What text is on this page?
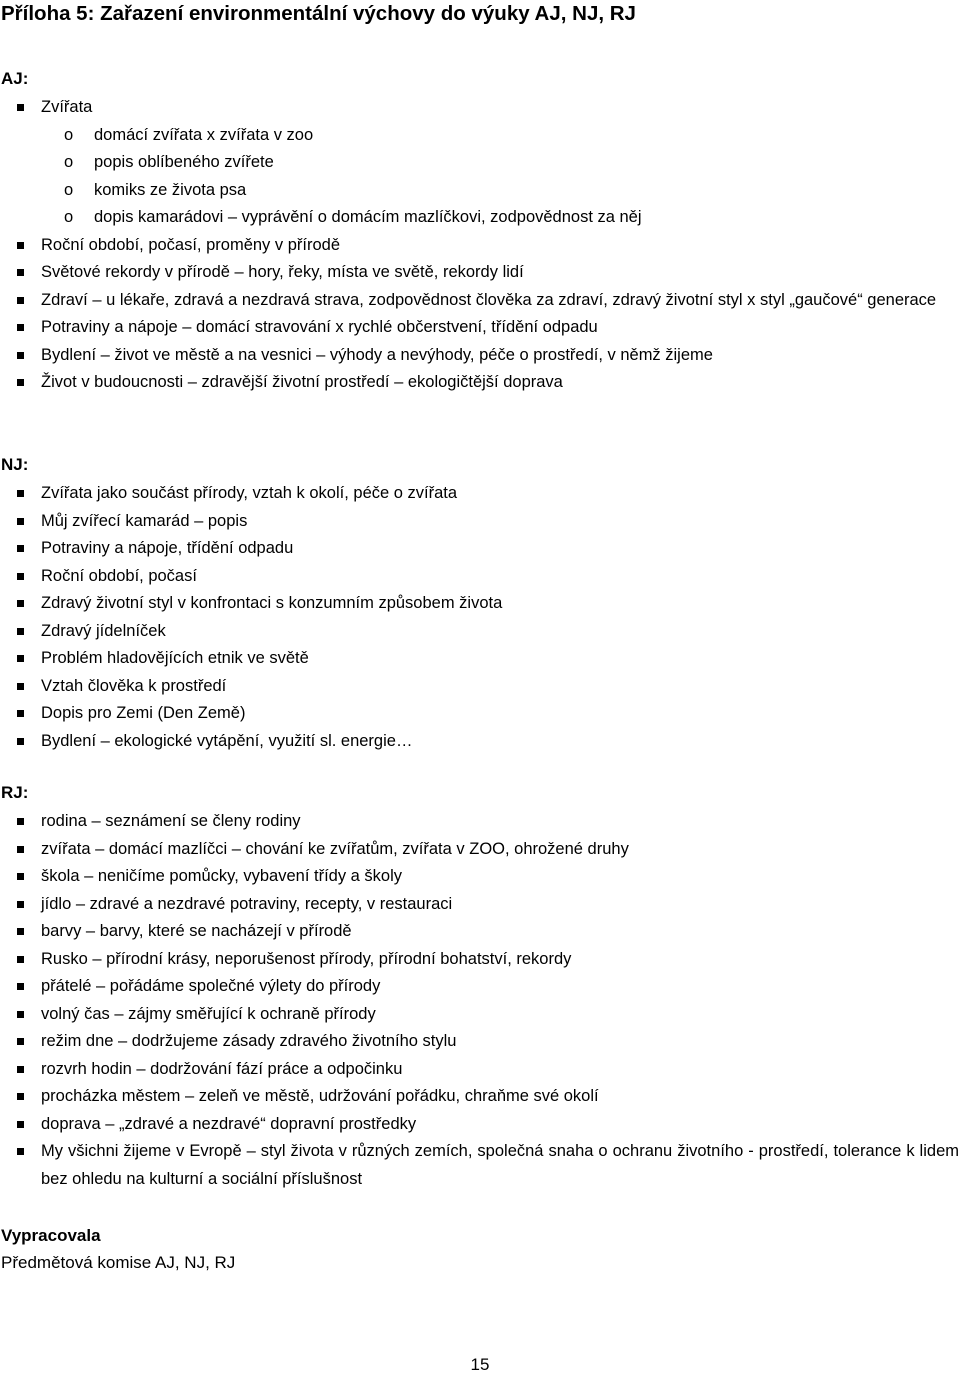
Příloha 5: Zařazení environmentální výchovy do výuky AJ, NJ, RJ
AJ:
Zvířata
o domácí zvířata x zvířata v zoo
o popis oblíbeného zvířete
o komiks ze života psa
o dopis kamarádovi – vyprávění o domácím mazlíčkovi, zodpovědnost za něj
Roční období, počasí, proměny v přírodě
Světové rekordy v přírodě – hory, řeky, místa ve světě, rekordy lidí
Zdraví – u lékaře, zdravá a nezdravá strava, zodpovědnost člověka za zdraví, zdravý životní styl x styl „gaučové“ generace
Potraviny a nápoje – domácí stravování x rychlé občerstvení, třídění odpadu
Bydlení – život ve městě a na vesnici – výhody a nevýhody, péče o prostředí, v němž žijeme
Život v budoucnosti – zdravější životní prostředí – ekologičtější doprava
NJ:
Zvířata jako součást přírody, vztah k okolí, péče o zvířata
Můj zvířecí kamarád – popis
Potraviny a nápoje, třídění odpadu
Roční období, počasí
Zdravý životní styl v konfrontaci s konzumním způsobem života
Zdravý jídelníček
Problém hladovějících etnik ve světě
Vztah člověka k prostředí
Dopis pro Zemi (Den Země)
Bydlení – ekologické vytápění, využití sl. energie…
RJ:
rodina – seznámení se členy rodiny
zvířata – domácí mazlíčci – chování ke zvířatům, zvířata v ZOO, ohrožené druhy
škola – neničíme pomůcky, vybavení třídy a školy
jídlo – zdravé a nezdravé potraviny, recepty, v restauraci
barvy – barvy, které se nacházejí v přírodě
Rusko – přírodní krásy, neporušenost přírody, přírodní bohatství, rekordy
přátelé – pořádáme společné výlety do přírody
volný čas – zájmy směřující k ochraně přírody
režim dne – dodržujeme zásady zdravého životního stylu
rozvrh hodin – dodržování fází práce a odpočinku
procházka městem – zeleň ve městě, udržování pořádku, chraňme své okolí
doprava – „zdravé a nezdravé“ dopravní prostředky
My všichni žijeme v Evropě – styl života v různých zemích, společná snaha o ochranu životního - prostředí, tolerance k lidem bez ohledu na kulturní a sociální příslušnost
Vypracovala
Předmětová komise AJ, NJ, RJ
15
